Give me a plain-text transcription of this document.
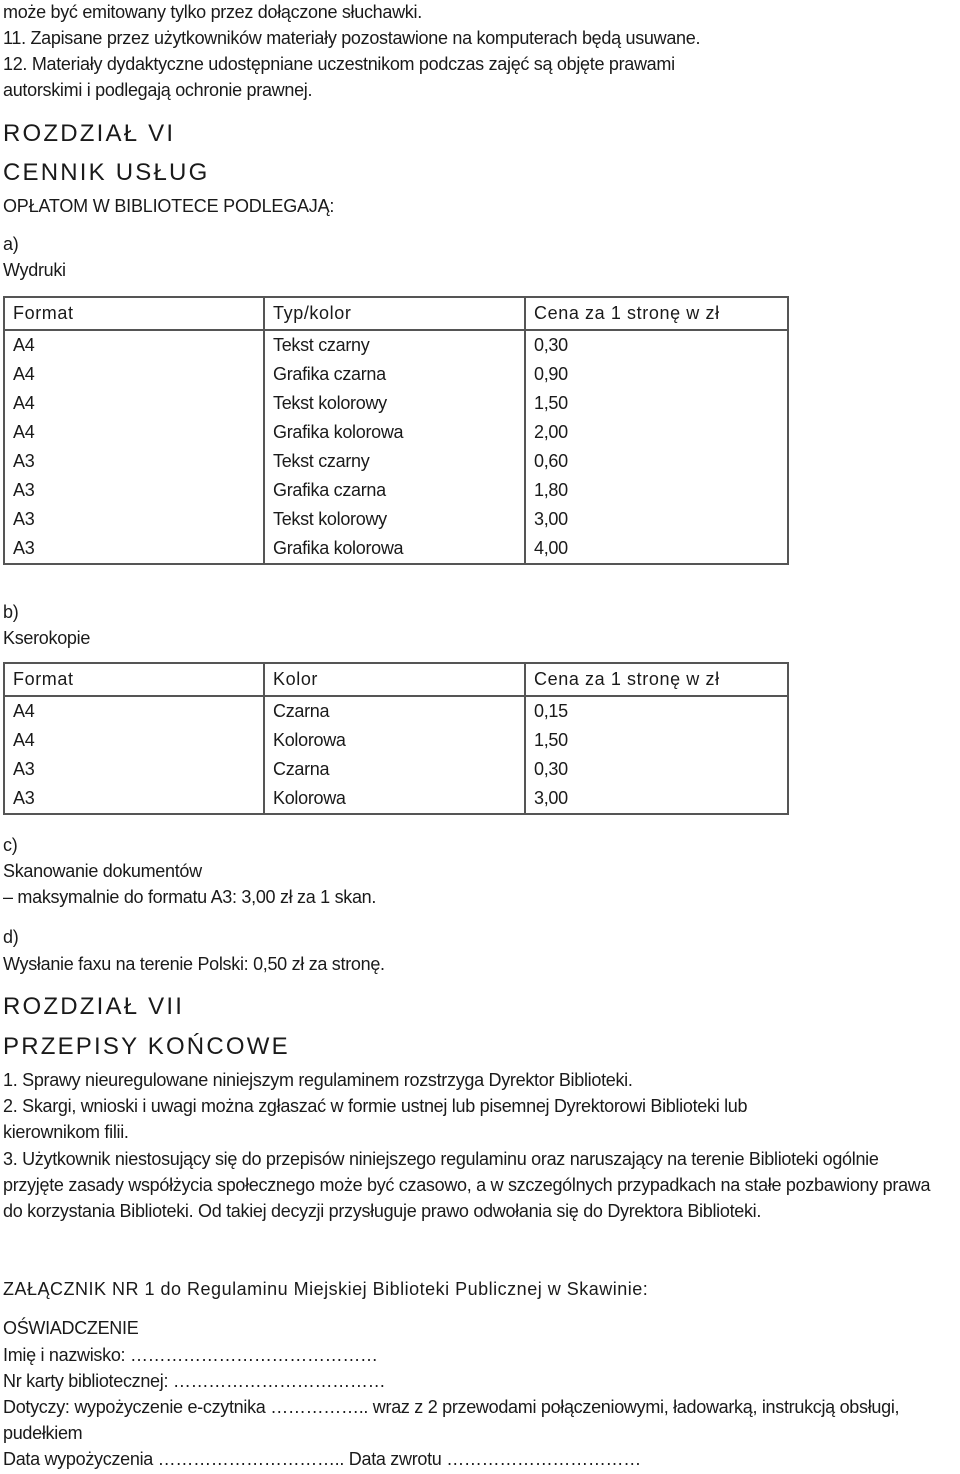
może być emitowany tylko przez dołączone słuchawki.
11. Zapisane przez użytkowników materiały pozostawione na komputerach będą usuwane.
12. Materiały dydaktyczne udostępniane uczestnikom podczas zajęć są objęte prawami
autorskimi i podlegają ochronie prawnej.
ROZDZIAŁ VI
CENNIK USŁUG
OPŁATOM W BIBLIOTECE PODLEGAJĄ:
a)
Wydruki
Format	Typ/kolor	Cena za 1 stronę w zł
A4	Tekst czarny	0,30
A4	Grafika czarna	0,90
A4	Tekst kolorowy	1,50
A4	Grafika kolorowa	2,00
A3	Tekst czarny	0,60
A3	Grafika czarna	1,80
A3	Tekst kolorowy	3,00
A3	Grafika kolorowa	4,00
b)
Kserokopie
Format	Kolor	Cena za 1 stronę w zł
A4	Czarna	0,15
A4	Kolorowa	1,50
A3	Czarna	0,30
A3	Kolorowa	3,00
c)
Skanowanie dokumentów
– maksymalnie do formatu A3: 3,00 zł za 1 skan.
d)
Wysłanie faxu na terenie Polski: 0,50 zł za stronę.
ROZDZIAŁ VII
PRZEPISY KOŃCOWE
1. Sprawy nieuregulowane niniejszym regulaminem rozstrzyga Dyrektor Biblioteki.
2. Skargi, wnioski i uwagi można zgłaszać w formie ustnej lub pisemnej Dyrektorowi Biblioteki lub
kierownikom filii.
3. Użytkownik niestosujący się do przepisów niniejszego regulaminu oraz naruszający na terenie Biblioteki ogólnie
przyjęte zasady współżycia społecznego może być czasowo, a w szczególnych przypadkach na stałe pozbawiony prawa
do korzystania Biblioteki. Od takiej decyzji przysługuje prawo odwołania się do Dyrektora Biblioteki.
ZAŁĄCZNIK NR 1 do Regulaminu Miejskiej Biblioteki Publicznej w Skawinie:
OŚWIADCZENIE
Imię i nazwisko: ……………………………………
Nr karty bibliotecznej: ………………………………
Dotyczy: wypożyczenie e-czytnika …………….. wraz z 2 przewodami połączeniowymi, ładowarką, instrukcją obsługi,
pudełkiem
Data wypożyczenia ………………………….. Data zwrotu ……………………………
